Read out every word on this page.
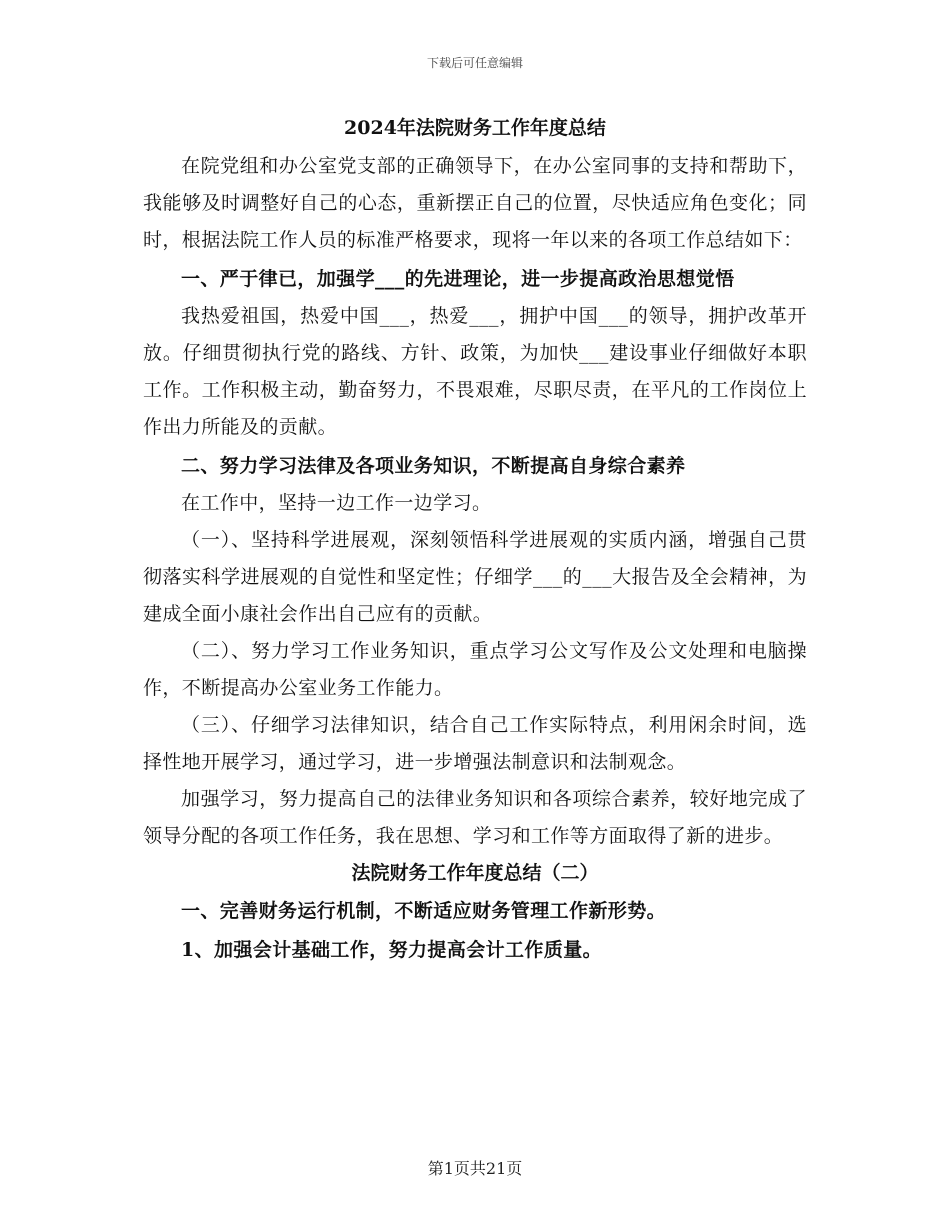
下载后可任意编辑
2024年法院财务工作年度总结

在院党组和办公室党支部的正确领导下，在办公室同事的支持和帮助下，我能够及时调整好自己的心态，重新摆正自己的位置，尽快适应角色变化；同时，根据法院工作人员的标准严格要求，现将一年以来的各项工作总结如下：

一、严于律已，加强学___的先进理论，进一步提高政治思想觉悟

我热爱祖国，热爱中国___，热爱___，拥护中国___的领导，拥护改革开放。仔细贯彻执行党的路线、方针、政策，为加快___建设事业仔细做好本职工作。工作积极主动，勤奋努力，不畏艰难，尽职尽责，在平凡的工作岗位上作出力所能及的贡献。

二、努力学习法律及各项业务知识，不断提高自身综合素养

在工作中，坚持一边工作一边学习。

（一）、坚持科学进展观，深刻领悟科学进展观的实质内涵，增强自己贯彻落实科学进展观的自觉性和坚定性；仔细学___的___大报告及全会精神，为建成全面小康社会作出自己应有的贡献。

（二）、努力学习工作业务知识，重点学习公文写作及公文处理和电脑操作，不断提高办公室业务工作能力。

（三）、仔细学习法律知识，结合自己工作实际特点，利用闲余时间，选择性地开展学习，通过学习，进一步增强法制意识和法制观念。

加强学习，努力提高自己的法律业务知识和各项综合素养，较好地完成了领导分配的各项工作任务，我在思想、学习和工作等方面取得了新的进步。

法院财务工作年度总结（二）

一、完善财务运行机制，不断适应财务管理工作新形势。

1、加强会计基础工作，努力提高会计工作质量。

第1页共21页
